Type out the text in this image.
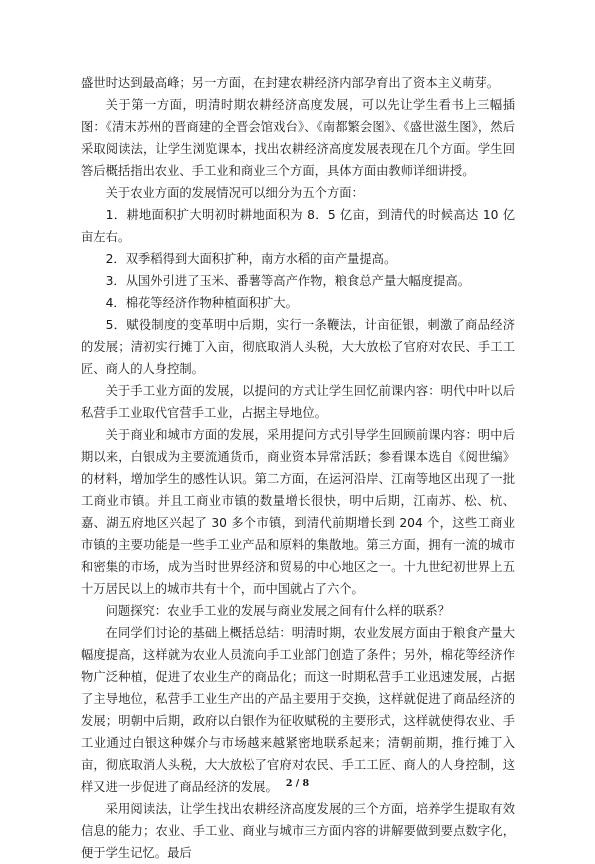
盛世时达到最高峰；另一方面，在封建农耕经济内部孕育出了资本主义萌芽。

关于第一方面，明清时期农耕经济高度发展，可以先让学生看书上三幅插图：《清末苏州的晋商建的全晋会馆戏台》、《南都繁会图》、《盛世滋生图》，然后采取阅读法，让学生浏览课本，找出农耕经济高度发展表现在几个方面。学生回答后概括指出农业、手工业和商业三个方面，具体方面由教师详细讲授。

关于农业方面的发展情况可以细分为五个方面：

1．耕地面积扩大明初时耕地面积为 8．5 亿亩，到清代的时候高达 10 亿亩左右。

2．双季稻得到大面积扩种，南方水稻的亩产量提高。

3．从国外引进了玉米、番薯等高产作物，粮食总产量大幅度提高。

4．棉花等经济作物种植面积扩大。

5．赋役制度的变革明中后期，实行一条鞭法，计亩征银，刺激了商品经济的发展；清初实行摊丁入亩，彻底取消人头税，大大放松了官府对农民、手工工匠、商人的人身控制。

关于手工业方面的发展，以提问的方式让学生回忆前课内容：明代中叶以后私营手工业取代官营手工业，占据主导地位。

关于商业和城市方面的发展，采用提问方式引导学生回顾前课内容：明中后期以来，白银成为主要流通货币，商业资本异常活跃；参看课本选自《阅世编》的材料，增加学生的感性认识。第二方面，在运河沿岸、江南等地区出现了一批工商业市镇。并且工商业市镇的数量增长很快，明中后期，江南苏、松、杭、嘉、湖五府地区兴起了 30 多个市镇，到清代前期增长到 204 个，这些工商业市镇的主要功能是一些手工业产品和原料的集散地。第三方面，拥有一流的城市和密集的市场，成为当时世界经济和贸易的中心地区之一。十九世纪初世界上五十万居民以上的城市共有十个，而中国就占了六个。

问题探究：农业手工业的发展与商业发展之间有什么样的联系？

在同学们讨论的基础上概括总结：明清时期，农业发展方面由于粮食产量大幅度提高，这样就为农业人员流向手工业部门创造了条件；另外，棉花等经济作物广泛种植，促进了农业生产的商品化；而这一时期私营手工业迅速发展，占据了主导地位，私营手工业生产出的产品主要用于交换，这样就促进了商品经济的发展；明朝中后期，政府以白银作为征收赋税的主要形式，这样就使得农业、手工业通过白银这种媒介与市场越来越紧密地联系起来；清朝前期，推行摊丁入亩，彻底取消人头税，大大放松了官府对农民、手工工匠、商人的人身控制，这样又进一步促进了商品经济的发展。

采用阅读法，让学生找出农耕经济高度发展的三个方面，培养学生提取有效信息的能力；农业、手工业、商业与城市三方面内容的讲解要做到要点数字化，便于学生记忆。最后

2 / 8
